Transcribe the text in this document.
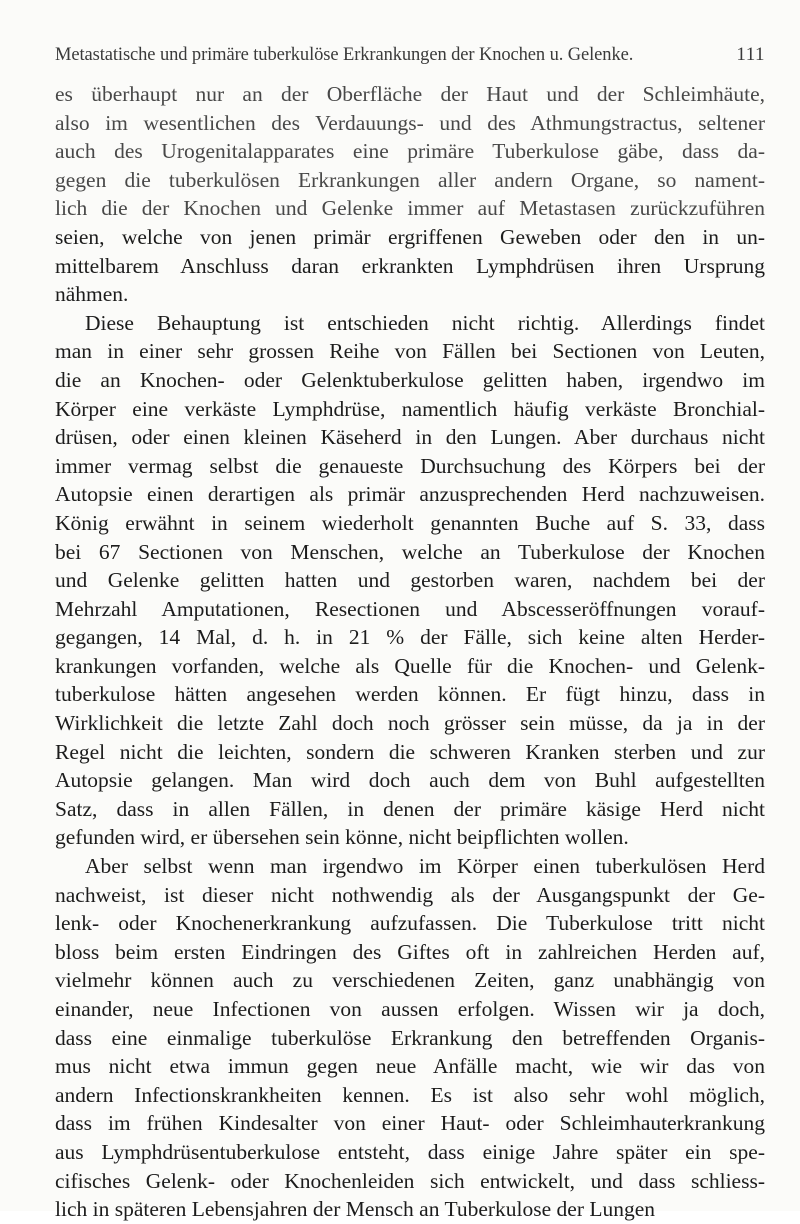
Metastatische und primäre tuberkulöse Erkrankungen der Knochen u. Gelenke.	111
es überhaupt nur an der Oberfläche der Haut und der Schleimhäute,
also im wesentlichen des Verdauungs- und des Athmungstractus, seltener
auch des Urogenitalapparates eine primäre Tuberkulose gäbe, dass da-
gegen die tuberkulösen Erkrankungen aller andern Organe, so nament-
lich die der Knochen und Gelenke immer auf Metastasen zurückzuführen
seien, welche von jenen primär ergriffenen Geweben oder den in un-
mittelbarem Anschluss daran erkrankten Lymphdrüsen ihren Ursprung
nähmen.
Diese Behauptung ist entschieden nicht richtig. Allerdings findet
man in einer sehr grossen Reihe von Fällen bei Sectionen von Leuten,
die an Knochen- oder Gelenktuberkulose gelitten haben, irgendwo im
Körper eine verkäste Lymphdrüse, namentlich häufig verkäste Bronchial-
drüsen, oder einen kleinen Käseherd in den Lungen. Aber durchaus nicht
immer vermag selbst die genaueste Durchsuchung des Körpers bei der
Autopsie einen derartigen als primär anzusprechenden Herd nachzuweisen.
König erwähnt in seinem wiederholt genannten Buche auf S. 33, dass
bei 67 Sectionen von Menschen, welche an Tuberkulose der Knochen
und Gelenke gelitten hatten und gestorben waren, nachdem bei der
Mehrzahl Amputationen, Resectionen und Abscesseröffnungen vorauf-
gegangen, 14 Mal, d. h. in 21 % der Fälle, sich keine alten Herder-
krankungen vorfanden, welche als Quelle für die Knochen- und Gelenk-
tuberkulose hätten angesehen werden können. Er fügt hinzu, dass in
Wirklichkeit die letzte Zahl doch noch grösser sein müsse, da ja in der
Regel nicht die leichten, sondern die schweren Kranken sterben und zur
Autopsie gelangen. Man wird doch auch dem von Buhl aufgestellten
Satz, dass in allen Fällen, in denen der primäre käsige Herd nicht
gefunden wird, er übersehen sein könne, nicht beipflichten wollen.
Aber selbst wenn man irgendwo im Körper einen tuberkulösen Herd
nachweist, ist dieser nicht nothwendig als der Ausgangspunkt der Ge-
lenk- oder Knochenerkrankung aufzufassen. Die Tuberkulose tritt nicht
bloss beim ersten Eindringen des Giftes oft in zahlreichen Herden auf,
vielmehr können auch zu verschiedenen Zeiten, ganz unabhängig von
einander, neue Infectionen von aussen erfolgen. Wissen wir ja doch,
dass eine einmalige tuberkulöse Erkrankung den betreffenden Organis-
mus nicht etwa immun gegen neue Anfälle macht, wie wir das von
andern Infectionskrankheiten kennen. Es ist also sehr wohl möglich,
dass im frühen Kindesalter von einer Haut- oder Schleimhauterkrankung
aus Lymphdrüsentuberkulose entsteht, dass einige Jahre später ein spe-
cifisches Gelenk- oder Knochenleiden sich entwickelt, und dass schliess-
lich in späteren Lebensjahren der Mensch an Tuberkulose der Lungen
